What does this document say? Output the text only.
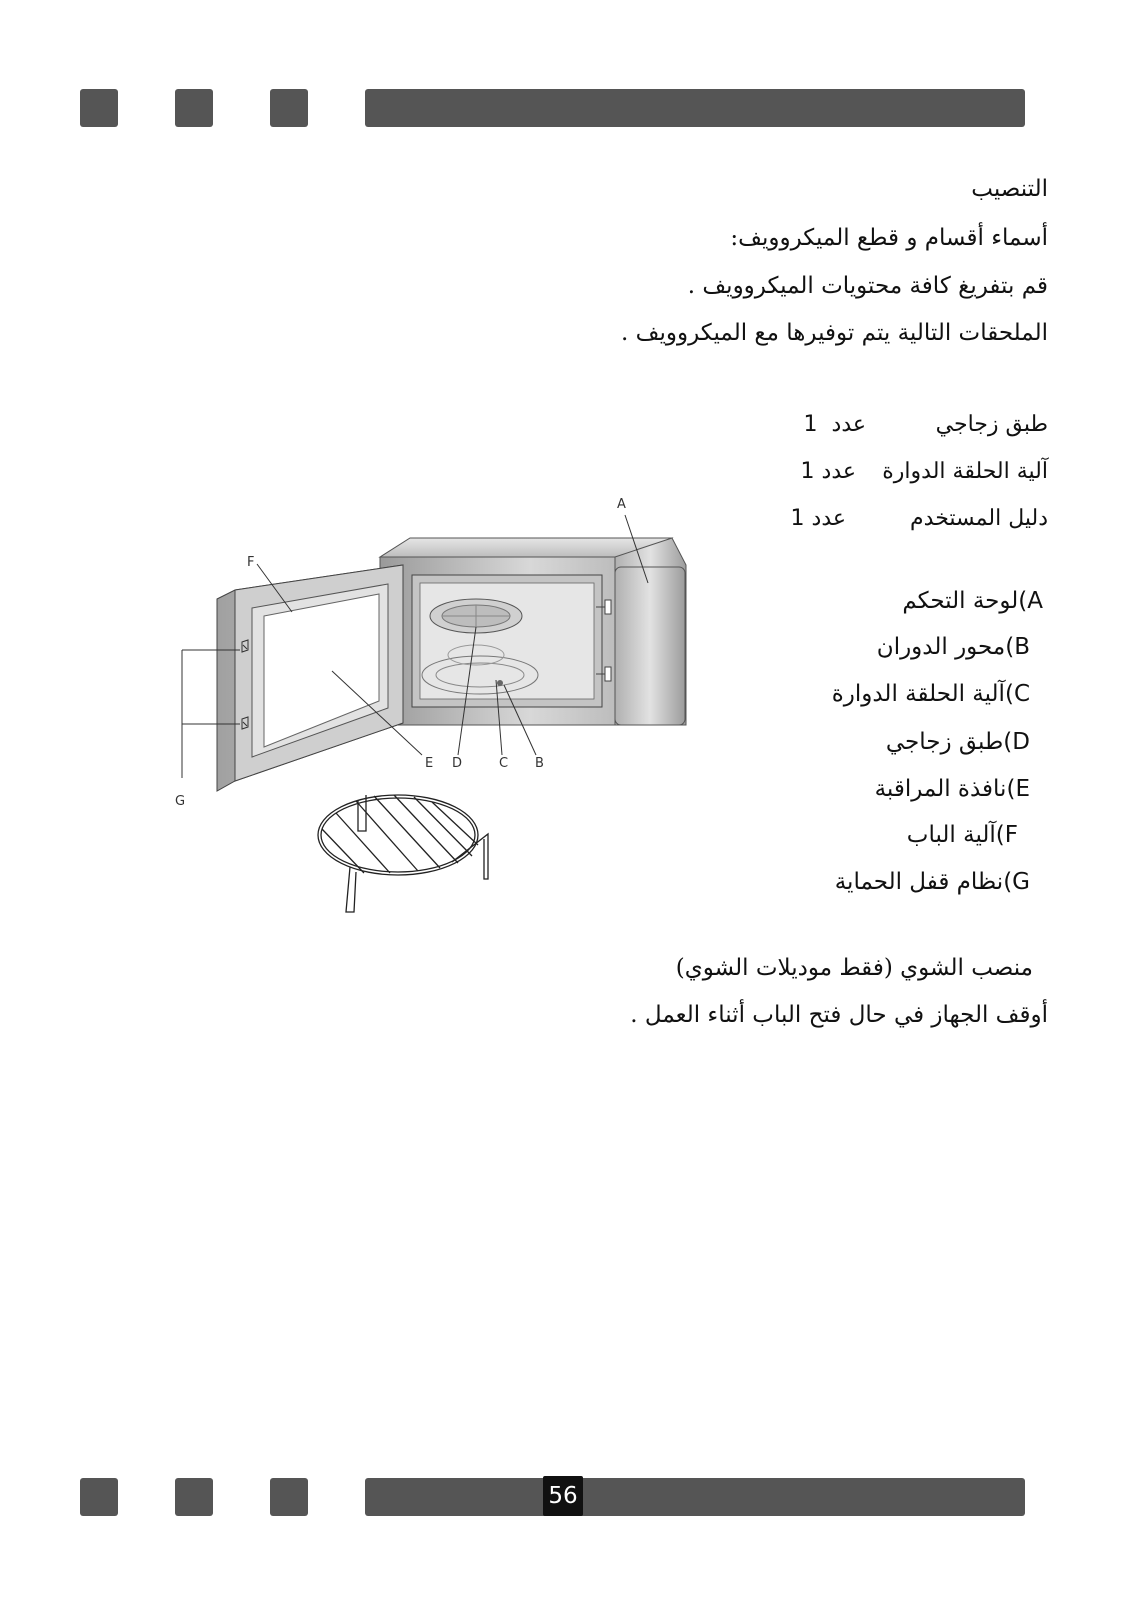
التنصيب
أسماء أقسام و قطع الميكروويف:
قم بتفريغ كافة محتويات الميكروويف .
الملحقات التالية يتم توفيرها مع الميكروويف .
طبق زجاجي
عدد  1
آلية الحلقة الدوارة
عدد 1
دليل المستخدم
عدد 1
A)لوحة التحكم
B)محور الدوران
C)آلية الحلقة الدوارة
D)طبق زجاجي
E)نافذة المراقبة
F)آلية الباب
G)نظام قفل الحماية
منصب الشوي (فقط موديلات الشوي)
أوقف الجهاز في حال فتح الباب أثناء العمل .
A
F
E D	C B
G
56
